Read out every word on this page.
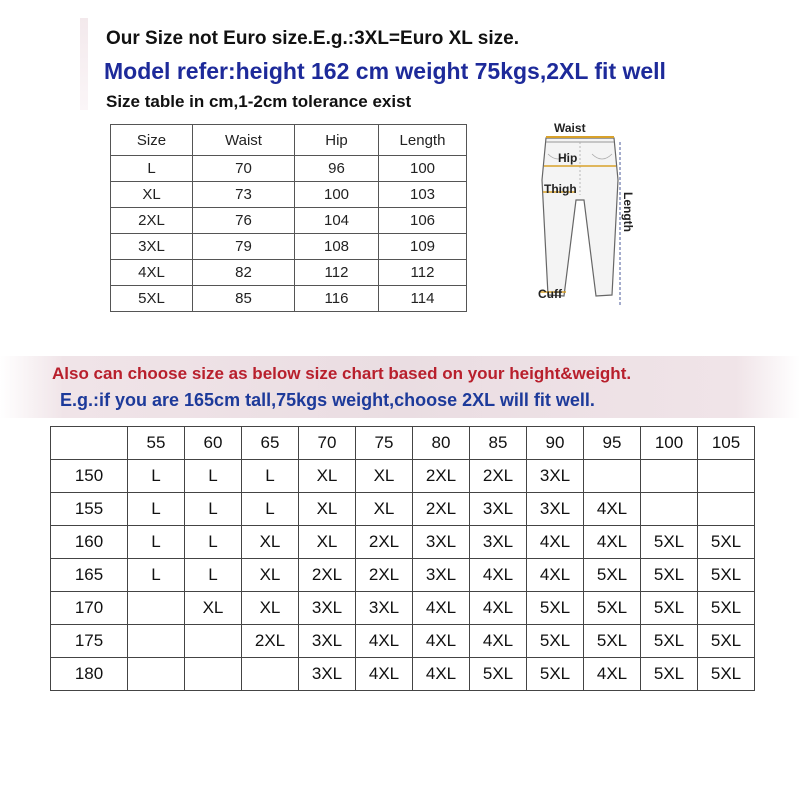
Our Size not Euro size.E.g.:3XL=Euro XL size.
Model refer:height 162 cm weight 75kgs,2XL fit well
Size table in cm,1-2cm tolerance exist
Size	Waist	Hip	Length
L	70	96	100
XL	73	100	103
2XL	76	104	106
3XL	79	108	109
4XL	82	112	112
5XL	85	116	114
Waist
Hip
Thigh
Cuff
Length
Also can choose size as below size chart based on your height&weight.
E.g.:if you are 165cm tall,75kgs weight,choose 2XL will fit well.
	55	60	65	70	75	80	85	90	95	100	105
150	L	L	L	XL	XL	2XL	2XL	3XL			
155	L	L	L	XL	XL	2XL	3XL	3XL	4XL		
160	L	L	XL	XL	2XL	3XL	3XL	4XL	4XL	5XL	5XL
165	L	L	XL	2XL	2XL	3XL	4XL	4XL	5XL	5XL	5XL
170		XL	XL	3XL	3XL	4XL	4XL	5XL	5XL	5XL	5XL
175			2XL	3XL	4XL	4XL	4XL	5XL	5XL	5XL	5XL
180				3XL	4XL	4XL	5XL	5XL	4XL	5XL	5XL
